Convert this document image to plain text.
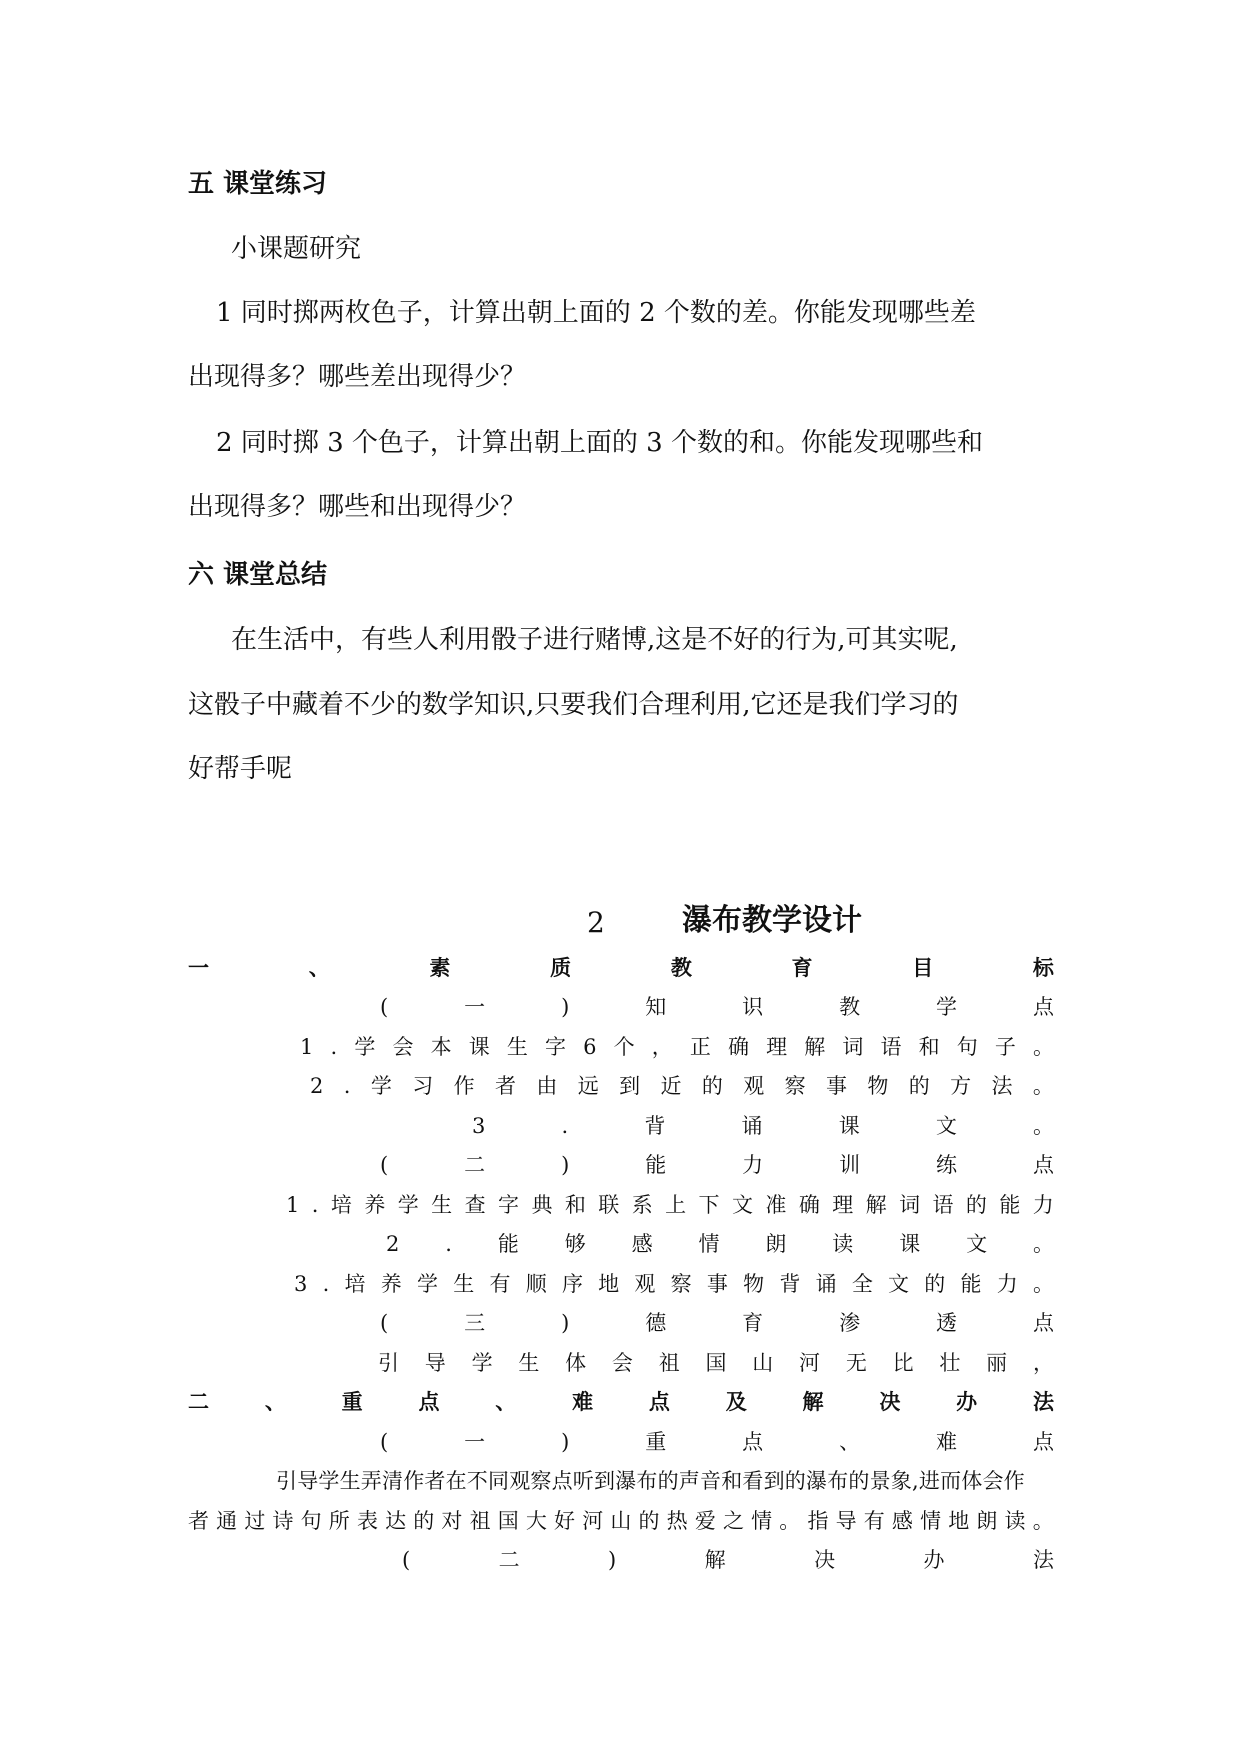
五 课堂练习
小课题研究
1 同时掷两枚色子，计算出朝上面的 2 个数的差。你能发现哪些差
出现得多？哪些差出现得少？
2 同时掷 3 个色子，计算出朝上面的 3 个数的和。你能发现哪些和
出现得多？哪些和出现得少？
六 课堂总结
在生活中，有些人利用骰子进行赌博,这是不好的行为,可其实呢,
这骰子中藏着不少的数学知识,只要我们合理利用,它还是我们学习的
好帮手呢
2	瀑布教学设计
一	、	素	质	教	育	目	标
(	一	)	知	识	教	学	点
1 . 学 会 本 课 生 字 6 个 ， 正 确 理 解 词 语 和 句 子 。
2 . 学 习 作 者 由 远 到 近 的 观 察 事 物 的 方 法 。
3	.	背	诵	课	文	。
(	二	)	能	力	训	练	点
1 . 培 养 学 生 查 字 典 和 联 系 上 下 文 准 确 理 解 词 语 的 能 力
2 . 能 够 感 情 朗 读 课 文 。
3 . 培 养 学 生 有 顺 序 地 观 察 事 物 背 诵 全 文 的 能 力 。
(	三	)	德	育	渗	透	点
引 导 学 生 体 会 祖 国 山 河 无 比 壮 丽 ，
二	、	重	点	、	难	点	及	解	决	办	法
(	一	)	重	点	、	难	点
引导学生弄清作者在不同观察点听到瀑布的声音和看到的瀑布的景象,进而体会作
者 通 过 诗 句 所 表 达 的 对 祖 国 大 好 河 山 的 热 爱 之 情 。 指 导 有 感 情 地 朗 读 。
(	二	)	解	决	办	法
